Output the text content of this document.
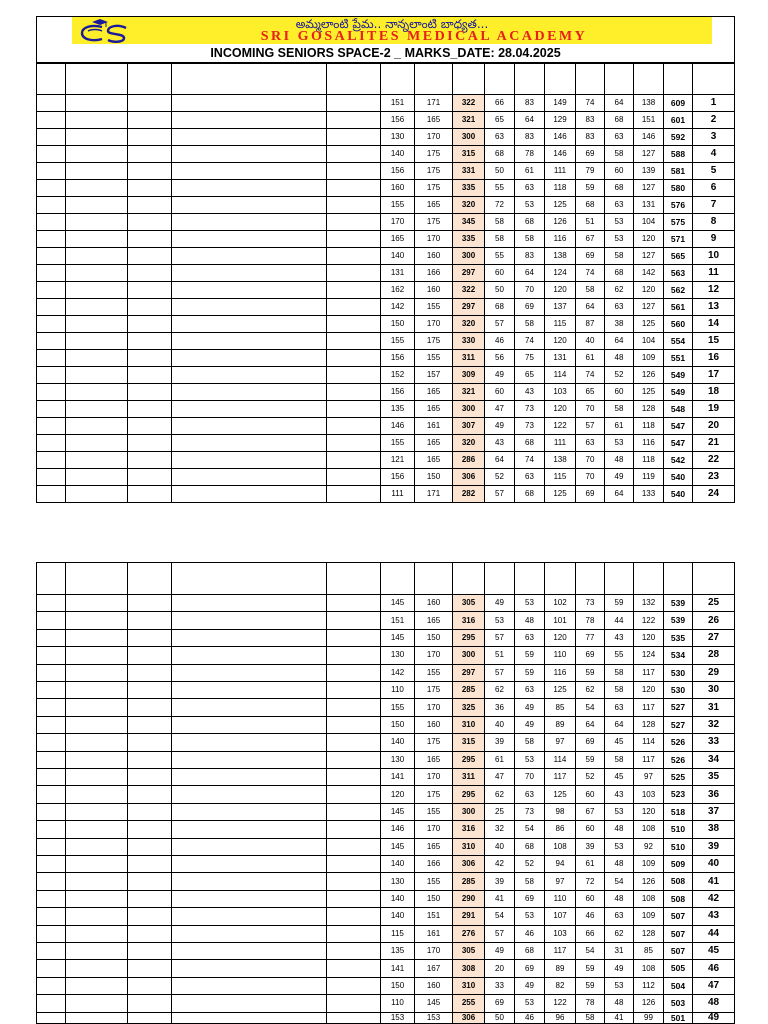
అమ్మలాంటి ప్రేమ.. నాన్నలాంటి బాధ్యత...
SRI GOSALITES MEDICAL ACADEMY
INCOMING SENIORS SPACE-2 _ MARKS_DATE: 28.04.2025
151	171	322	66	83	149	74	64	138	609	1
156	165	321	65	64	129	83	68	151	601	2
130	170	300	63	83	146	83	63	146	592	3
140	175	315	68	78	146	69	58	127	588	4
156	175	331	50	61	111	79	60	139	581	5
160	175	335	55	63	118	59	68	127	580	6
155	165	320	72	53	125	68	63	131	576	7
170	175	345	58	68	126	51	53	104	575	8
165	170	335	58	58	116	67	53	120	571	9
140	160	300	55	83	138	69	58	127	565	10
131	166	297	60	64	124	74	68	142	563	11
162	160	322	50	70	120	58	62	120	562	12
142	155	297	68	69	137	64	63	127	561	13
150	170	320	57	58	115	87	38	125	560	14
155	175	330	46	74	120	40	64	104	554	15
156	155	311	56	75	131	61	48	109	551	16
152	157	309	49	65	114	74	52	126	549	17
156	165	321	60	43	103	65	60	125	549	18
135	165	300	47	73	120	70	58	128	548	19
146	161	307	49	73	122	57	61	118	547	20
155	165	320	43	68	111	63	53	116	547	21
121	165	286	64	74	138	70	48	118	542	22
156	150	306	52	63	115	70	49	119	540	23
111	171	282	57	68	125	69	64	133	540	24
145	160	305	49	53	102	73	59	132	539	25
151	165	316	53	48	101	78	44	122	539	26
145	150	295	57	63	120	77	43	120	535	27
130	170	300	51	59	110	69	55	124	534	28
142	155	297	57	59	116	59	58	117	530	29
110	175	285	62	63	125	62	58	120	530	30
155	170	325	36	49	85	54	63	117	527	31
150	160	310	40	49	89	64	64	128	527	32
140	175	315	39	58	97	69	45	114	526	33
130	165	295	61	53	114	59	58	117	526	34
141	170	311	47	70	117	52	45	97	525	35
120	175	295	62	63	125	60	43	103	523	36
145	155	300	25	73	98	67	53	120	518	37
146	170	316	32	54	86	60	48	108	510	38
145	165	310	40	68	108	39	53	92	510	39
140	166	306	42	52	94	61	48	109	509	40
130	155	285	39	58	97	72	54	126	508	41
140	150	290	41	69	110	60	48	108	508	42
140	151	291	54	53	107	46	63	109	507	43
115	161	276	57	46	103	66	62	128	507	44
135	170	305	49	68	117	54	31	85	507	45
141	167	308	20	69	89	59	49	108	505	46
150	160	310	33	49	82	59	53	112	504	47
110	145	255	69	53	122	78	48	126	503	48
153	153	306	50	46	96	58	41	99	501	49
